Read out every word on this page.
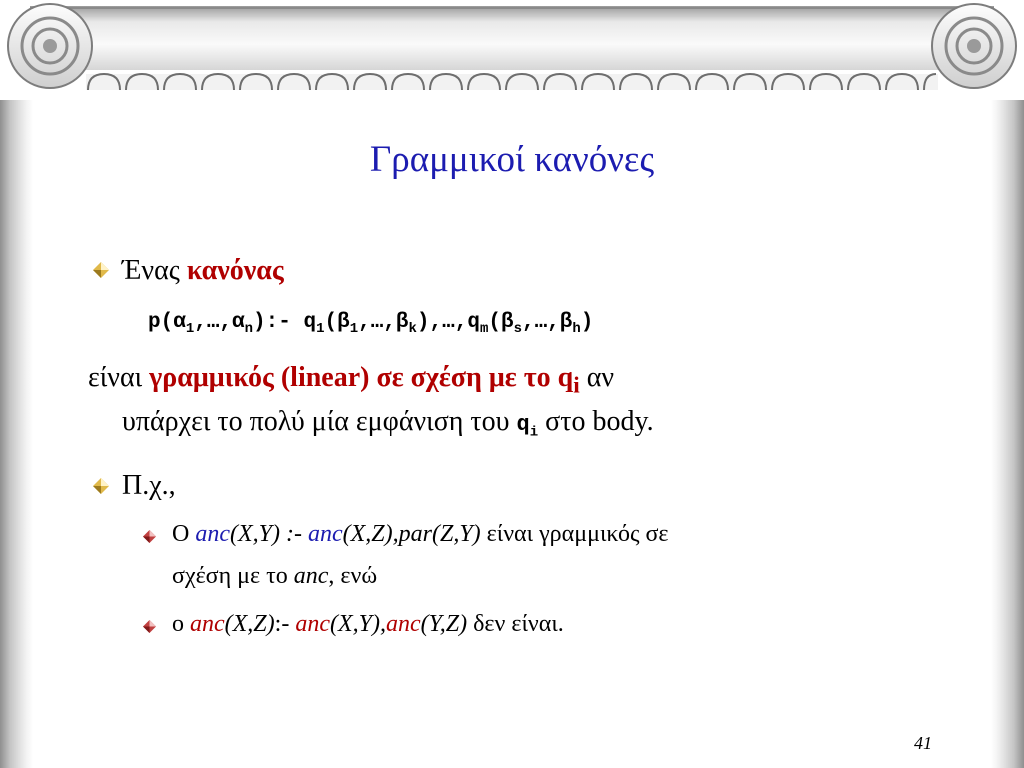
Γραμμικοί κανόνες
Ένας κανόνας
$p(\alpha_1,\dots,\alpha_n):-$ $q_1(\beta_1,\dots,\beta_k),\dots,q_m(\beta_s,\dots,\beta_h)$
είναι γραμμικός (linear) σε σχέση με το $q_i$ αν
υπάρχει το πολύ μία εμφάνιση του $q_i$ στο body.
Π.χ.,
Ο anc(X,Y) :- anc(X,Z),par(Z,Y) είναι γραμμικός σε
σχέση με το anc, ενώ
ο anc(X,Z):- anc(X,Y),anc(Y,Z) δεν είναι.
41
